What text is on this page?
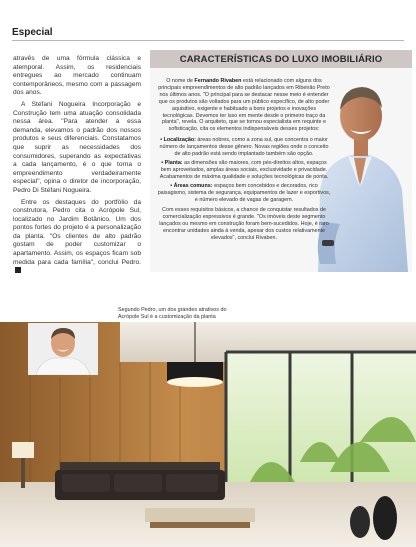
Especial

atravês de uma fórmula clássica e atemporal. Assim, os residenciais entregues ao mercado continuam contemporâneos, mesmo com a passagem dos anos.

A Stéfani Nogueira Incorporação e Construção tem uma atuação consolidada nessa área. "Para atender a essa demanda, elevamos o padrão dos nossos produtos e seus diferenciais. Constatamos que suprir as necessidades dos consumidores, superando as expectativas a cada lançamento, é o que torna o empreendimento verdadeiramente especial", opina o diretor de incorporação, Pedro Di Stéfani Nogueira.

Entre os destaques do portfólio da construtora, Pedro cita o Acrópole Sul, localizado no Jardim Botânico. Um dos pontos fortes do projeto é a personalização da planta. "Os clientes de alto padrão gostam de poder customizar o apartamento. Assim, os espaços ficam sob medida para cada família", conclui Pedro.

CARACTERÍSTICAS DO LUXO IMOBILIÁRIO

O nome de Fernando Rivaben está relacionado com alguns dos principais empreendimentos de alto padrão lançados em Ribeirão Preto nos últimos anos. "O principal para se destacar nesse meio é entender que os produtos são voltados para um público específico, de alto poder aquisitivo, exigente e habituado a bons projetos e inovações tecnológicas. Devemos ter isso em mente desde o primeiro traço da planta", revela. O arquiteto, que se tornou especialista em requinte e sofisticação, cita os elementos indispensáveis desses projetos:

• Localização: áreas nobres, como a zona sul, que concentra o maior número de lançamentos desse gênero. Novas regiões onde o conceito de alto padrão está sendo implantado também são opção.
• Planta: as dimensões são maiores, com pés-direitos altos, espaços bem aproveitados, amplas áreas sociais, exclusividade e privacidade. Acabamentos de máxima qualidade e soluções tecnológicas de ponta.
• Áreas comuns: espaços bem concebidos e decorados, rico paisagismo, sistema de segurança, equipamentos de lazer e esportivos, e número elevado de vagas de garagem.

Com esses requisitos básicos, a chance de conquistar resultados de comercialização expressivos é grande. "Os imóveis deste segmento lançados ou mesmo em construção foram bem-sucedidos. Hoje, é raro encontrar unidades ainda à venda, apesar dos custos relativamente elevados", conclui Rivaben.

Segundo Pedro, um dos grandes atrativos do Acrópole Sul é a customização da planta
